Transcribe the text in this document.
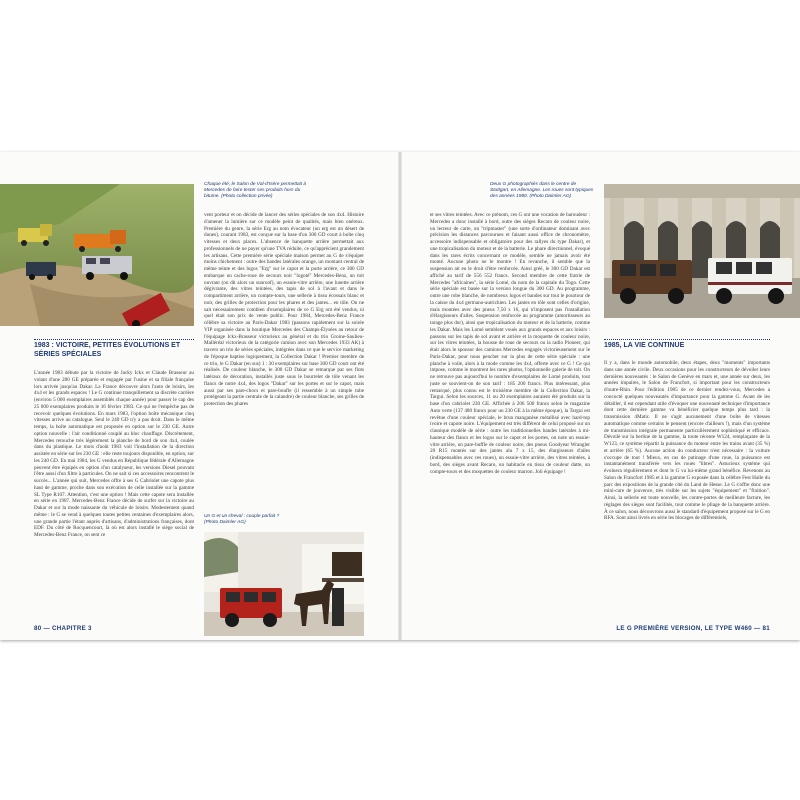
Chaque été, le Salon de Val-d'Isère permettait à Mercedes de faire tester ses produits hors du bitume. (Photo collection privée)
1983 : VICTOIRE, PETITES ÉVOLUTIONS ET SÉRIES SPÉCIALES
L'année 1983 débute par la victoire de Jacky Ickx et Claude Brasseur au volant d'une 280 GE préparée et engagée par l'usine et sa filiale française lors arrivée jusqu'au Dakar. La France découvre alors l'auto de loisirs, les 4x4 et les grands espaces ! Le G continue tranquillement sa discrète carrière (environ 5 000 exemplaires assemblés chaque année) pour passer le cap des 25 000 exemplaires produits le 16 février 1983. Ce qui ne l'empêche pas de recevoir quelques évolutions. En mars 1983, l'option boîte mécanique cinq vitesses arrive au catalogue. Seul le 240 GD n'y a pas droit. Dans le même temps, la boîte automatique est proposée en option sur le 230 GE. Autre option nouvelle : l'air conditionné couplé au bloc chauffage. Discrètement, Mercedes retouche très légèrement la planche de bord de son 4x4, coulée dans du plastique. Le mois d'août 1983 voit l'installation de la direction assistée en série sur les 230 GE : elle reste toujours disponible, en option, sur les 240 GD. En mai 1984, les G vendus en République fédérale d'Allemagne peuvent être équipés en option d'un catalyseur, les versions Diesel pouvant l'être aussi d'un filtre à particules. On ne sait si ces accessoires rencontrent le succès... L'année qui suit, Mercedes offre à ses G Cabriolet une capote plus haut de gamme, proche dans son exécution de celle installée sur la gamme SL Type R107. Attention, c'est une option ! Mais cette capote sera installée en série en 1987. Mercedes-Benz France décide de surfer sur la victoire au Dakar et sur la mode naissante du véhicule de loisirs. Modestement quand même : le G se vend à quelques toutes petites centaines d'exemplaires alors, une grande partie l'étant auprès d'artisans, d'administrations françaises, dont EDF. Du côté de Rocquencourt, là où est alors installé le siège social de Mercedes-Benz France, on sent ce
vent porteur et on décide de lancer des séries spéciales de son 4x4. Histoire d'amener la lumière sur ce modèle peint de qualités, mais bien onéreux. Première du genre, la série Erg au nom évocateur (un erg est un désert de dunes), courant 1983, est conçue sur la base d'un 300 GD court à boîte cinq vitesses et deux places. L'absence de banquette arrière permettait aux professionnels de ne payer qu'une TVA réduite, ce qu'apprécient grandement les artisans. Cette première série spéciale maison permet au G de s'équiper moins chichement : outre des bandes latérales orange, un montant central de même teinte et des logos "Erg" sur le capot et la porte arrière, ce 300 GD embarque un cache-roue de secours noir "logoté" Mercedes-Benz, un toit ouvrant (on dit alors un sunroof), un essuie-vitre arrière, une lunette arrière dégivrante, des vitres teintées, des tapis de sol à l'avant et dans le compartiment arrière, un compte-tours, une sellerie à tissu écossais blanc et noir, des grilles de protection pour les phares et des jantes... en tôle. On ne sait nécessairement combien d'exemplaires de ce G Erg ont été vendus, ni quel était son prix de vente public. Pour 1984, Mercedes-Benz France célèbre sa victoire au Paris-Dakar 1983 (passons rapidement sur la soirée VIP organisée dans la boutique Mercedes des Champs-Élysées au retour de l'équipage Ickx-Brasseur victorieux au général et du trio Groine-Saulieu-Malléréal victorieux de la catégorie camion avec son Mercedes 1933 AK) à travers un trio de séries spéciales, intégrées dans ce que le service marketing de l'époque baptise logiquement, la Collection Dakar ! Premier membre de ce trio, le G Dakar (en sus) 1 : 30 exemplaires sur base 300 GD court ont été réalisés. De couleur blanche, le 300 GD Dakar se remarque par ses flots latéraux de décoration, installés juste sous le bourrelet de tôle venant les flancs de notre 4x4, des logos "Dakar" sur les portes et sur le capot, mais aussi par ses pare-chocs et pare-boufle (il ressemble à un simple tube protégeant la partie centrale de la calandre) de couleur blanche, ses grilles de protection des phares
Un G et un cheval : couple parfait ? (Photo Daimler AG)
80 — CHAPITRE 3
Deux G photographiés dans le centre de Stuttgart, en Allemagne. Les roues sont typiques des années 1980. (Photo Daimler AG)
et ses vitres teintées. Avec ce prénom, ces G ont une vocation de baroudeur : Mercedes a donc installé à bord, outre des sièges Recaro de couleur noire, un lecteur de carte, un "tripmaster" (une sorte d'ordinateur dominant avec précision les distances parcourues et faisant aussi office de chronomètre, accessoire indispensable et obligatoire pour des rallyes du type Dakar), et une tropicalisation du moteur et de la batterie. Le phare directionnel, évoqué dans les rares écrits concernant ce modèle, semble ne jamais avoir été monté. Aucune photo ne le montre ! En revanche, il semble que la suspension ait eu le droit d'être renforcée. Ainsi gréé, le 300 GD Dakar est affiché au tarif de 556 552 francs. Second membre de cette fratrie de Mercedes "africaines", la série Lomé, du nom de la capitale du Togo. Cette série spéciale est basée sur la version longue du 300 GD. Au programme, outre une robe blanche, de nombreux logos et bandes sur tout le pourtour de la caisse du 4x4 germano-autrichien. Les jantes en tôle sont celles d'origine, mais montées avec des pneus 7,50 x 16, qui n'imposent pas l'installation d'élargisseurs d'ailes. Suspension renforcée au programme (amortisseurs au tarage plus dur), ainsi que tropicalisation du moteur et de la batterie, comme les Dakar. Mais les Lomé semblent voués aux grands espaces et aux loisirs : passons sur les tapis de sol avant et arrière et la moquette de couleur noire, sur les vitres teintées, la housse de roue de secours ou la radio Pioneer, qui était alors le sponsor des camions Mercedes engagés victorieusement sur le Paris-Dakar, pour nous pencher sur la plus de cette série spéciale : une planche à voile, alors à la mode comme les 4x4, offerte avec ce G ! Ce qui impose, comme le montrent les rares photos, l'optionnelle galerie de toit. On ne retrouve pas aujourd'hui le nombre d'exemplaires de Lomé produits, tout juste se souvient-on de son tarif : 185 200 francs. Plus intéressant, plus remarqué, plus connu est le troisième membre de la Collection Dakar, la Targui. Selon les sources, 11 ou 20 exemplaires auraient été produits sur la base d'un cabriolet 230 GE. Affichée à 206 500 francs selon le magazine Auto verte (137 480 francs pour un 230 GE à la même époque), la Targui est revêtue d'une couleur spéciale, le brun manganèse métallisé avec hard-top ivoire et capote noire. L'équipement est très différent de celui proposé sur un classique modèle de série : outre les traditionnelles bandes latérales à mi-hauteur des flancs et les logos sur le capot et les portes, on note un essuie-vitre arrière, un pare-buffle de couleur noire, des pneus Goodyear Wrangler 20 R15 montés sur des jantes alu 7 x 15, des élargisseurs d'ailes (indispensables avec ces roues), un essuie-vitre arrière, des vitres teintées, à bord, des sièges avant Recaro, un habitacle en tissu de couleur datte, un compte-tours et des moquettes de couleur marron. Joli équipage !
1985, LA VIE CONTINUE
Il y a, dans le monde automobile, deux étapes, deux "moments" importants dans une année civile. Deux occasions pour les constructeurs de dévoiler leurs dernières nouveautés : le Salon de Genève en mars et, une année sur deux, les années impaires, le Salon de Francfort, si important pour les constructeurs d'outre-Rhin. Pour l'édition 1985 de ce dernier rendez-vous, Mercedes a concocté quelques nouveautés d'importance pour la gamme G. Avant de les détailler, il est cependant utile d'évoquer une nouveauté technique d'importance dont cette dernière gamme va bénéficier quelque temps plus tard : la transmission 4Matic. Il ne s'agit aucunement d'une boîte de vitesses automatique comme certains le pensent (encore d'ailleurs !), mais d'un système de transmission intégrale permanente particulièrement sophistiqué et efficace. Dévoilé sur la berline de la gamme, la toute récente W124, remplaçante de la W123, ce système répartit la puissance du moteur entre les trains avant (35 %) et arrière (65 %). Aucune action du conducteur n'est nécessaire : la voiture s'occupe de tout ! Mieux, en cas de patinage d'une roue, la puissance est instantanément transférée vers les roues "libres". Astucieux système qui évoluera régulièrement et dont le G va lui-même grand bénéfice. Revenons au Salon de Francfort 1985 et à la gamme G exposée dans la célèbre Fest Halle du parc des expositions de la grande cité du Land de Hesse. Le G s'offre donc une mini-cure de jouvence, très visible sur les sujets "équipement" et "finition". Ainsi, la sellerie est toute nouvelle, les contre-portes de meilleure facture, les réglages des sièges sont facilités, tout comme le pliage de la banquette arrière. À ce salon, nous découvrons aussi le standard d'équipement proposé sur le G en RFA. Sont ainsi livrés en série les blocages de différentiels,
LE G PREMIÈRE VERSION, LE TYPE W460 — 81
